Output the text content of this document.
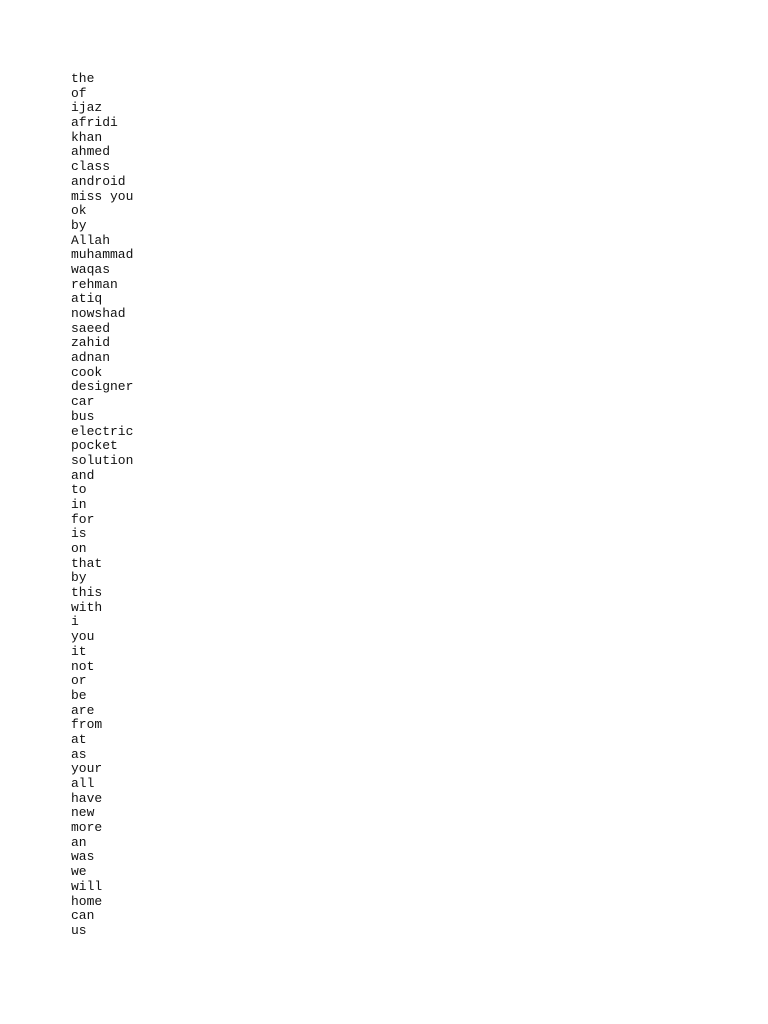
the
of
ijaz
afridi
khan
ahmed
class
android
miss you
ok
by
Allah
muhammad
waqas
rehman
atiq
nowshad
saeed
zahid
adnan
cook
designer
car
bus
electric
pocket
solution
and
to
in
for
is
on
that
by
this
with
i
you
it
not
or
be
are
from
at
as
your
all
have
new
more
an
was
we
will
home
can
us
